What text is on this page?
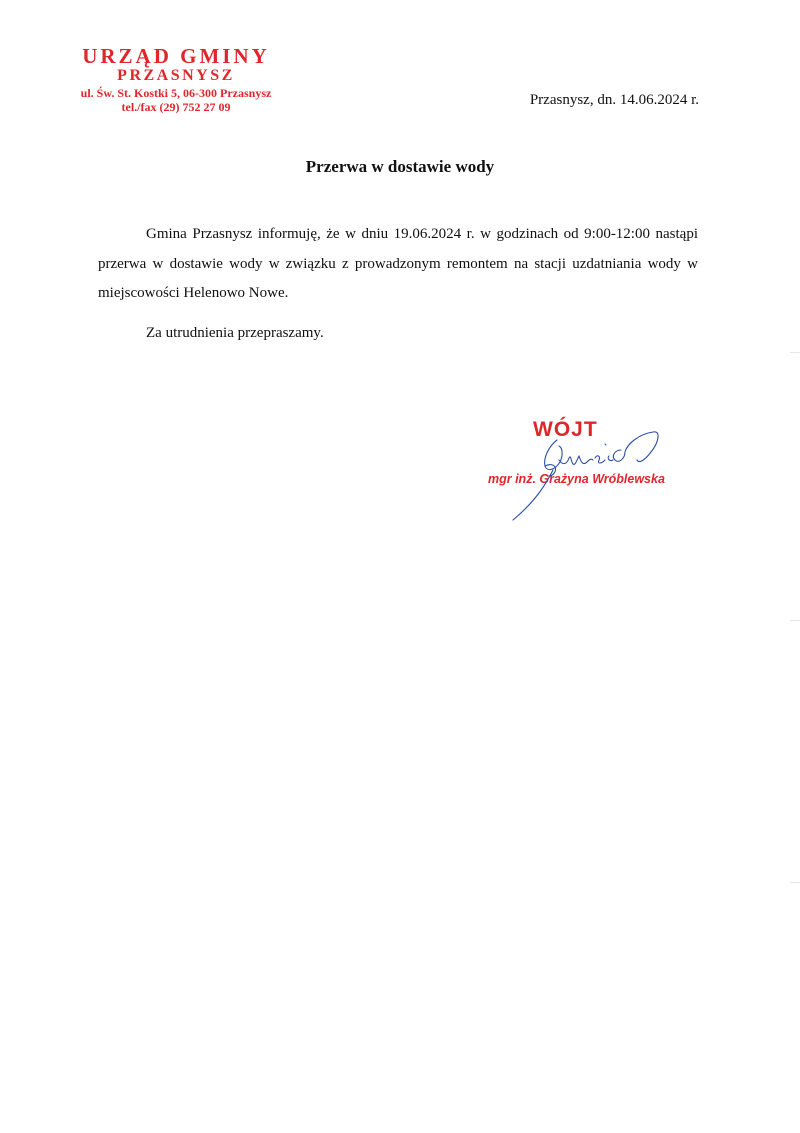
URZĄD GMINY
PRZASNYSZ
ul. Św. St. Kostki 5, 06-300 Przasnysz
tel./fax (29) 752 27 09	Przasnysz, dn. 14.06.2024 r.
Przerwa w dostawie wody

Gmina Przasnysz informuję, że w dniu 19.06.2024 r. w godzinach od 9:00-12:00 nastąpi przerwa w dostawie wody w związku z prowadzonym remontem na stacji uzdatniania wody w miejscowości Helenowo Nowe.

Za utrudnienia przepraszamy.

WÓJT
mgr inż. Grażyna Wróblewska
